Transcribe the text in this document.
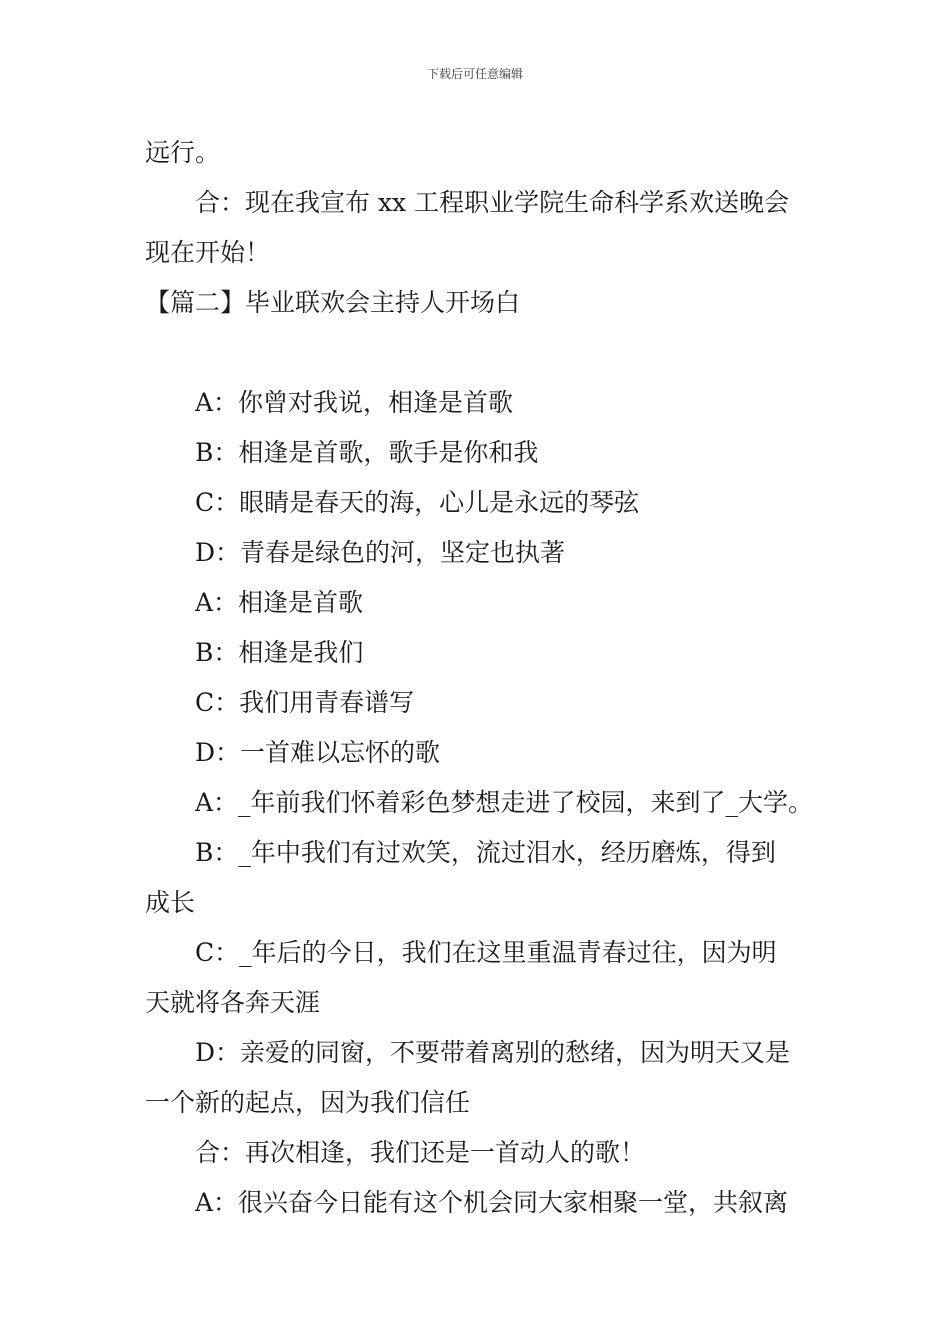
下载后可任意编辑

远行。

合：现在我宣布 xx 工程职业学院生命科学系欢送晚会

现在开始！

【篇二】毕业联欢会主持人开场白

A：你曾对我说，相逢是首歌

B：相逢是首歌，歌手是你和我

C：眼睛是春天的海，心儿是永远的琴弦

D：青春是绿色的河，坚定也执著

A：相逢是首歌

B：相逢是我们

C：我们用青春谱写

D：一首难以忘怀的歌

A：_年前我们怀着彩色梦想走进了校园，来到了_大学。

B：_年中我们有过欢笑，流过泪水，经历磨炼，得到

成长

C：_年后的今日，我们在这里重温青春过往，因为明

天就将各奔天涯

D：亲爱的同窗，不要带着离别的愁绪，因为明天又是

一个新的起点，因为我们信任

合：再次相逢，我们还是一首动人的歌！

A：很兴奋今日能有这个机会同大家相聚一堂，共叙离
